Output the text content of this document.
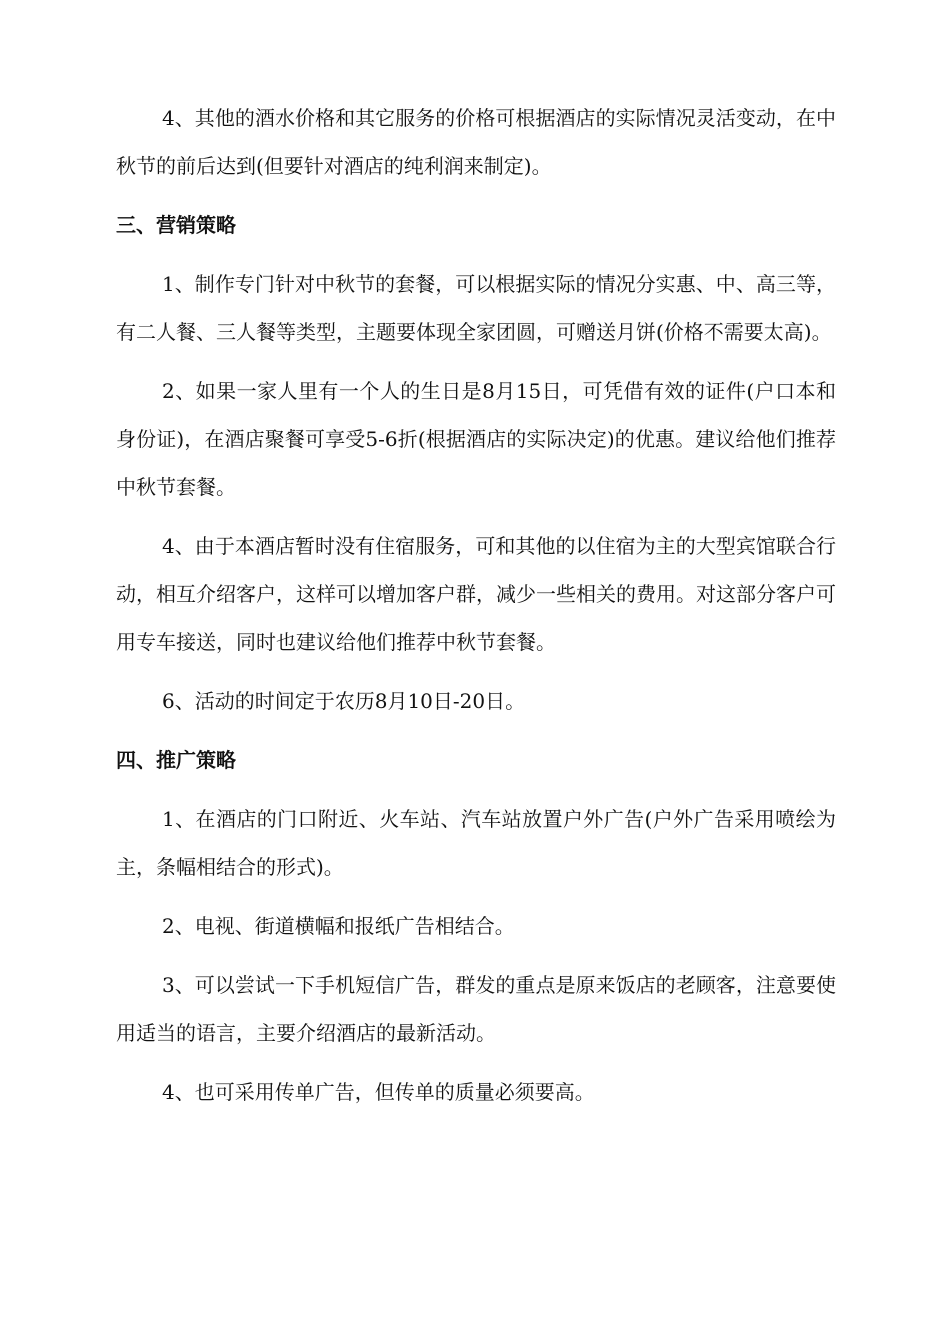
4、其他的酒水价格和其它服务的价格可根据酒店的实际情况灵活变动，在中秋节的前后达到(但要针对酒店的纯利润来制定)。

三、营销策略

1、制作专门针对中秋节的套餐，可以根据实际的情况分实惠、中、高三等，有二人餐、三人餐等类型，主题要体现全家团圆，可赠送月饼(价格不需要太高)。

2、如果一家人里有一个人的生日是8月15日，可凭借有效的证件(户口本和身份证)，在酒店聚餐可享受5-6折(根据酒店的实际决定)的优惠。建议给他们推荐中秋节套餐。

4、由于本酒店暂时没有住宿服务，可和其他的以住宿为主的大型宾馆联合行动，相互介绍客户，这样可以增加客户群，减少一些相关的费用。对这部分客户可用专车接送，同时也建议给他们推荐中秋节套餐。

6、活动的时间定于农历8月10日-20日。

四、推广策略

1、在酒店的门口附近、火车站、汽车站放置户外广告(户外广告采用喷绘为主，条幅相结合的形式)。

2、电视、街道横幅和报纸广告相结合。

3、可以尝试一下手机短信广告，群发的重点是原来饭店的老顾客，注意要使用适当的语言，主要介绍酒店的最新活动。

4、也可采用传单广告，但传单的质量必须要高。
